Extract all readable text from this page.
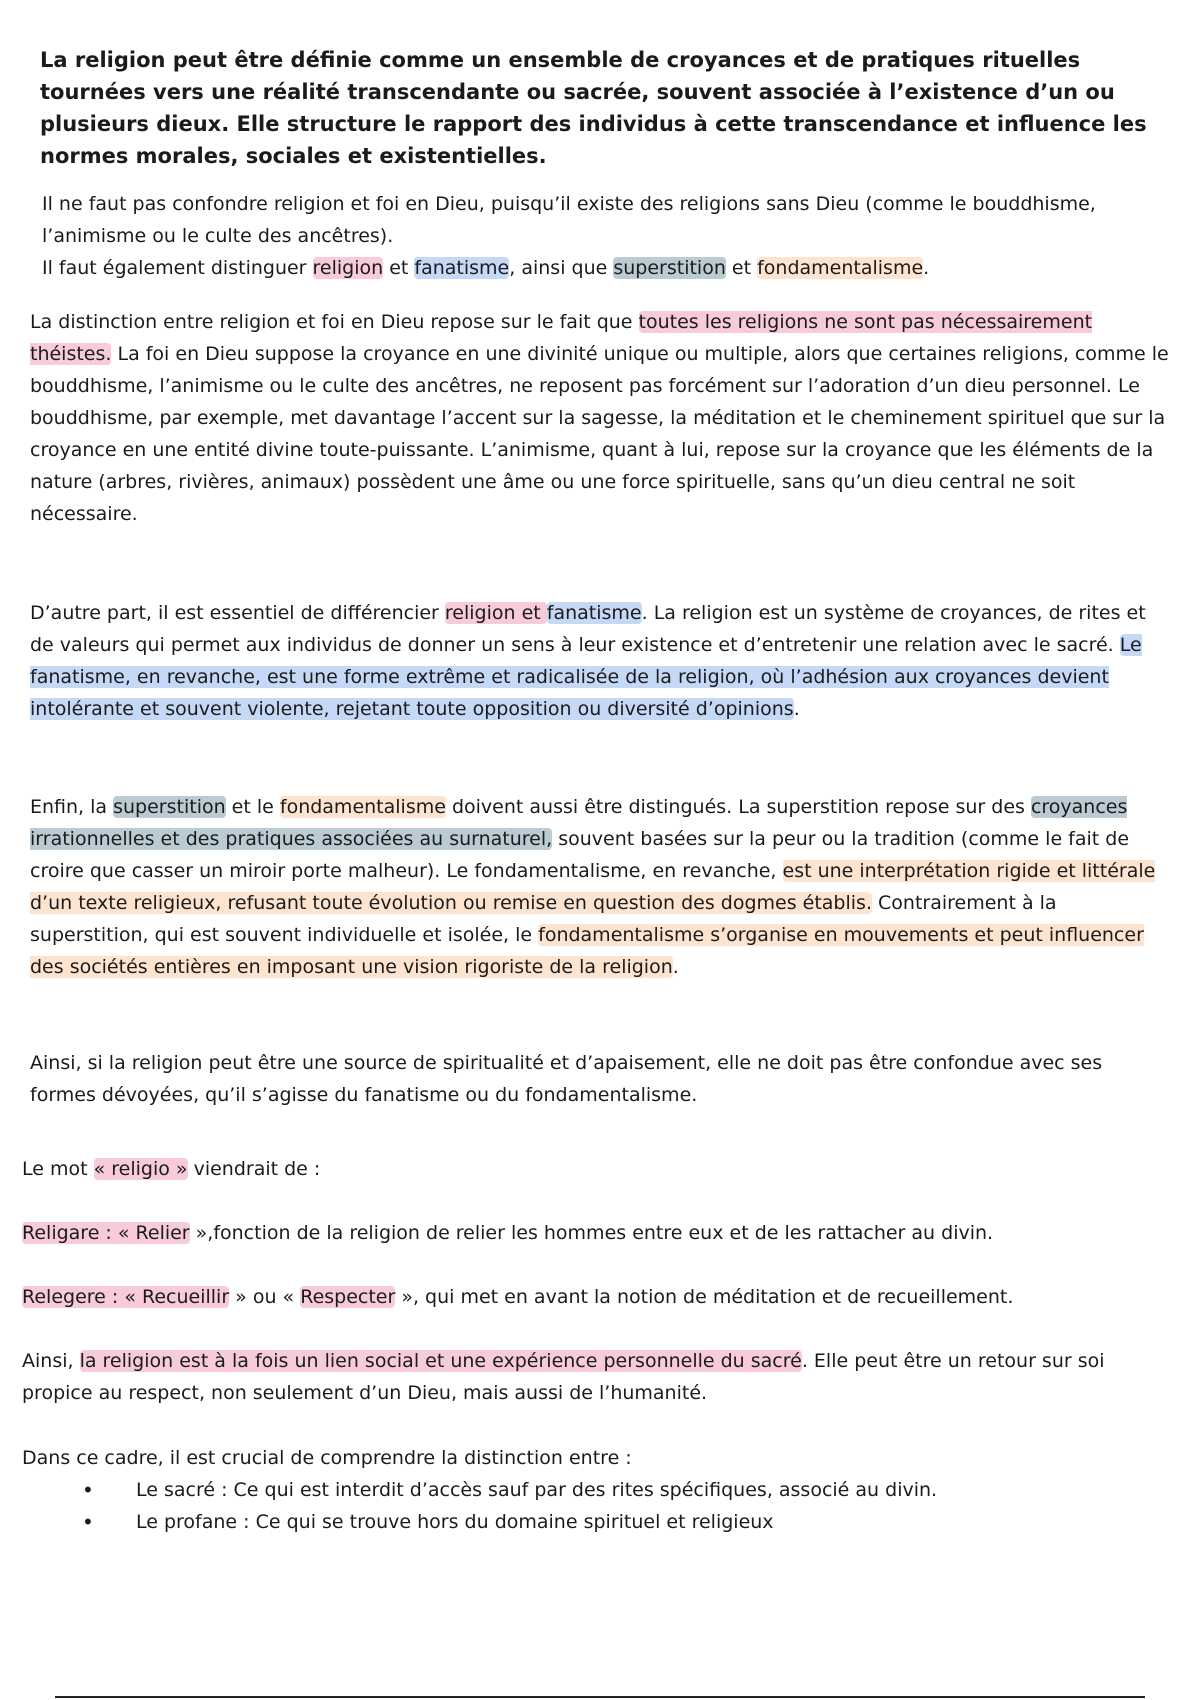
La religion peut être définie comme un ensemble de croyances et de pratiques rituelles tournées vers une réalité transcendante ou sacrée, souvent associée à l’existence d’un ou plusieurs dieux. Elle structure le rapport des individus à cette transcendance et influence les normes morales, sociales et existentielles.

Il ne faut pas confondre religion et foi en Dieu, puisqu’il existe des religions sans Dieu (comme le bouddhisme, l’animisme ou le culte des ancêtres).
Il faut également distinguer religion et fanatisme, ainsi que superstition et fondamentalisme.

La distinction entre religion et foi en Dieu repose sur le fait que toutes les religions ne sont pas nécessairement théistes. La foi en Dieu suppose la croyance en une divinité unique ou multiple, alors que certaines religions, comme le bouddhisme, l’animisme ou le culte des ancêtres, ne reposent pas forcément sur l’adoration d’un dieu personnel. Le bouddhisme, par exemple, met davantage l’accent sur la sagesse, la méditation et le cheminement spirituel que sur la croyance en une entité divine toute-puissante. L’animisme, quant à lui, repose sur la croyance que les éléments de la nature (arbres, rivières, animaux) possèdent une âme ou une force spirituelle, sans qu’un dieu central ne soit nécessaire.

D’autre part, il est essentiel de différencier religion et fanatisme. La religion est un système de croyances, de rites et de valeurs qui permet aux individus de donner un sens à leur existence et d’entretenir une relation avec le sacré. Le fanatisme, en revanche, est une forme extrême et radicalisée de la religion, où l’adhésion aux croyances devient intolérante et souvent violente, rejetant toute opposition ou diversité d’opinions.

Enfin, la superstition et le fondamentalisme doivent aussi être distingués. La superstition repose sur des croyances irrationnelles et des pratiques associées au surnaturel, souvent basées sur la peur ou la tradition (comme le fait de croire que casser un miroir porte malheur). Le fondamentalisme, en revanche, est une interprétation rigide et littérale d’un texte religieux, refusant toute évolution ou remise en question des dogmes établis. Contrairement à la superstition, qui est souvent individuelle et isolée, le fondamentalisme s’organise en mouvements et peut influencer des sociétés entières en imposant une vision rigoriste de la religion.

Ainsi, si la religion peut être une source de spiritualité et d’apaisement, elle ne doit pas être confondue avec ses formes dévoyées, qu’il s’agisse du fanatisme ou du fondamentalisme.

Le mot « religio » viendrait de :

Religare : « Relier »,fonction de la religion de relier les hommes entre eux et de les rattacher au divin.

Relegere : « Recueillir » ou « Respecter », qui met en avant la notion de méditation et de recueillement.

Ainsi, la religion est à la fois un lien social et une expérience personnelle du sacré. Elle peut être un retour sur soi propice au respect, non seulement d’un Dieu, mais aussi de l’humanité.

Dans ce cadre, il est crucial de comprendre la distinction entre :

• Le sacré : Ce qui est interdit d’accès sauf par des rites spécifiques, associé au divin.
• Le profane : Ce qui se trouve hors du domaine spirituel et religieux
